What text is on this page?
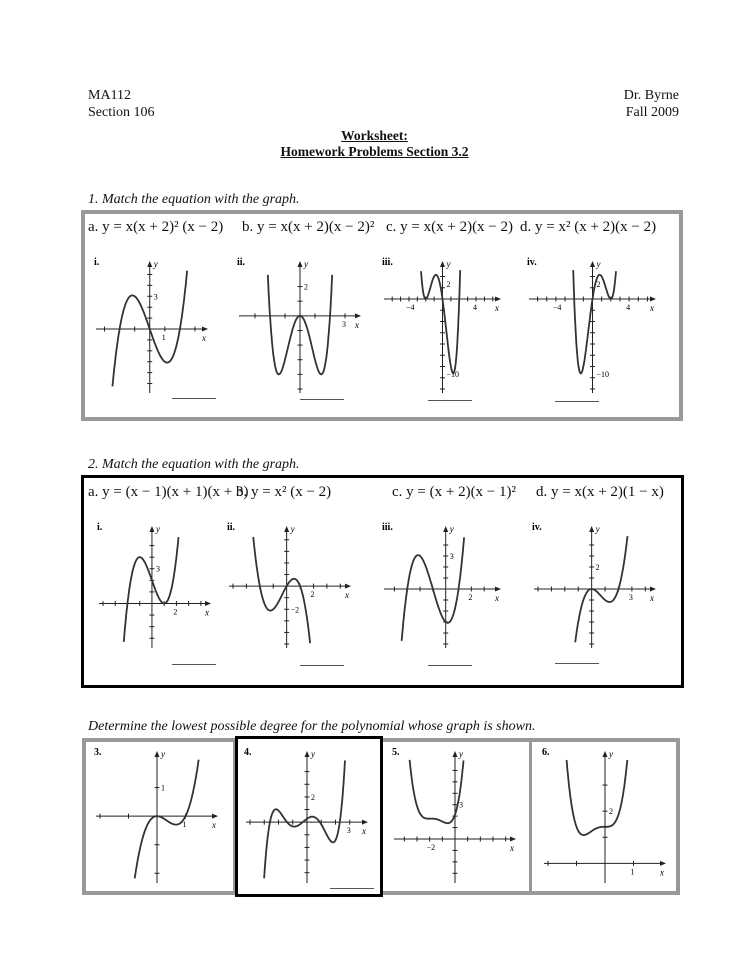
MA112
Section 106
Dr. Byrne
Fall 2009
Worksheet:
Homework Problems Section 3.2
1. Match the equation with the graph.
a. y = x(x + 2)² (x − 2) b. y = x(x + 2)(x − 2)² c. y = x(x + 2)(x − 2) d. y = x² (x + 2)(x − 2)
i.
x
y
3
1
ii.
x
y
2
3
iii.
x
y
2
−4	4
−10
iv.
x
y
2
−4	4
−10
2. Match the equation with the graph.
a. y = (x − 1)(x + 1)(x + 3)
b. y = x² (x − 2)	c. y = (x + 2)(x − 1)² d. y = x(x + 2)(1 − x)
i.
x
y
3
2
ii.
x
y
2
−2
iii.
x
y
3
2
iv.
x
y
2
3
Determine the lowest possible degree for the polynomial whose graph is shown.
3.
x
y
1
1
4.
x
y
2
3
5.
x
y
3
−2
6.
x
y
2
1
